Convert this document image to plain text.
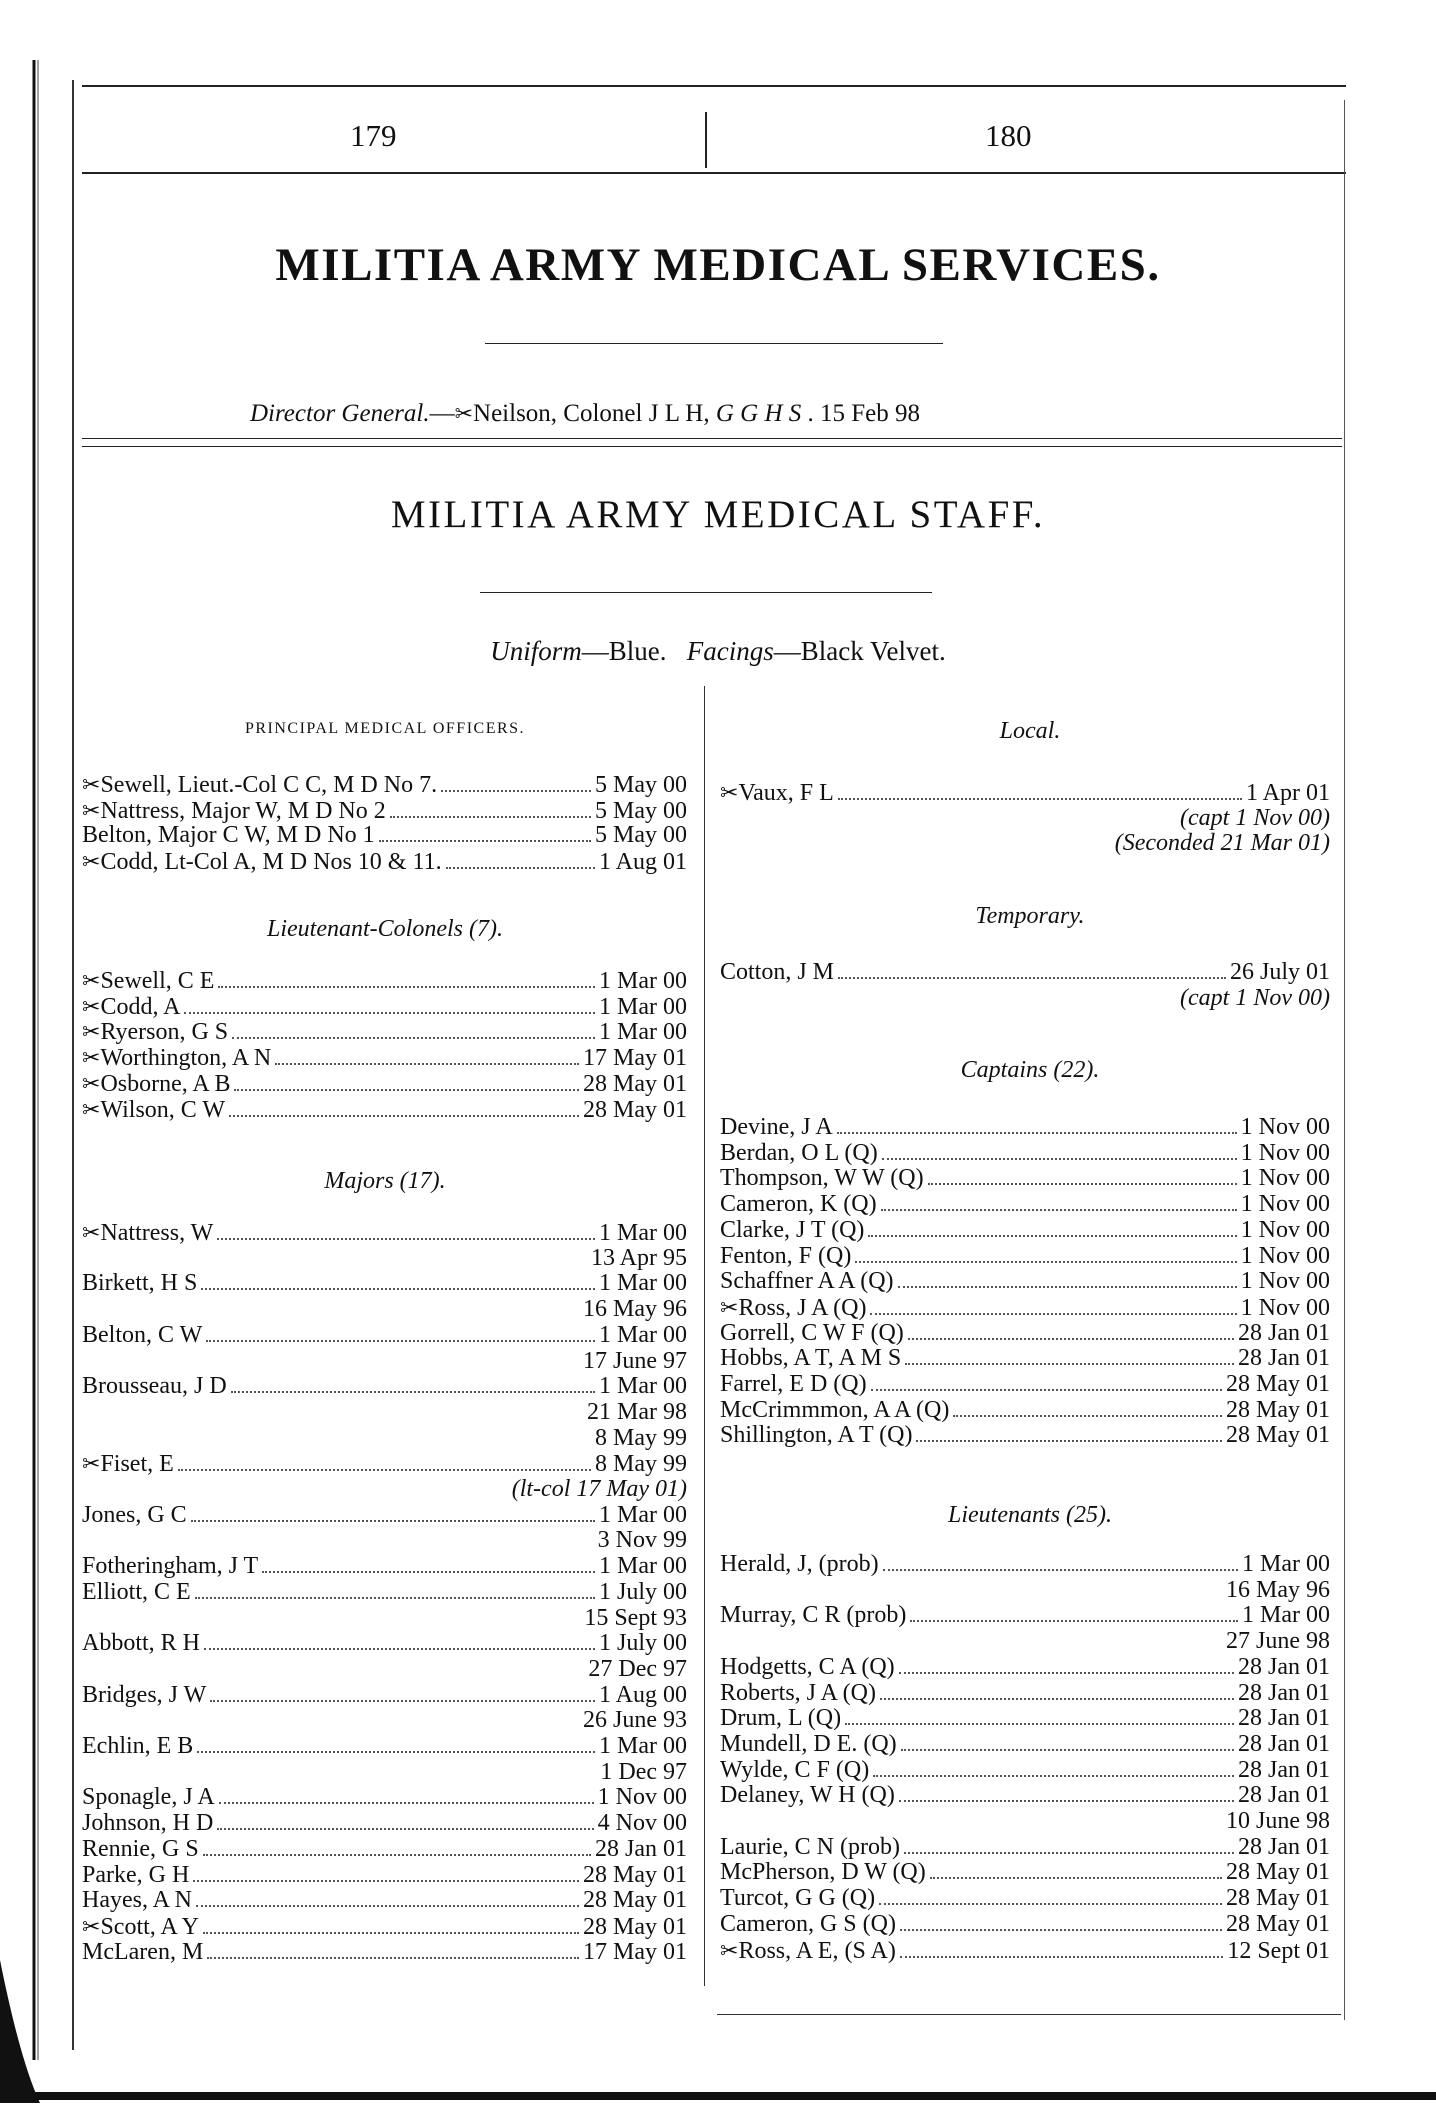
179	180
MILITIA ARMY MEDICAL SERVICES.
Director General.—✂Neilson, Colonel J L H, G G H S . 15 Feb 98
MILITIA ARMY MEDICAL STAFF.
Uniform—Blue. Facings—Black Velvet.
PRINCIPAL MEDICAL OFFICERS.
✂ Sewell, Lieut.-Col C C, M D No 7.	5 May 00
✂ Nattress, Major W, M D No 2	5 May 00
Belton, Major C W, M D No 1	5 May 00
✂ Codd, Lt-Col A, M D Nos 10 & 11.	1 Aug 01
Lieutenant-Colonels (7).
✂ Sewell, C E	1 Mar 00
✂ Codd, A	1 Mar 00
✂ Ryerson, G S	1 Mar 00
✂ Worthington, A N	17 May 01
✂ Osborne, A B	28 May 01
✂ Wilson, C W	28 May 01
Majors (17).
✂ Nattress, W	1 Mar 00
13 Apr 95
Birkett, H S	1 Mar 00
16 May 96
Belton, C W	1 Mar 00
17 June 97
Brousseau, J D	1 Mar 00
21 Mar 98
8 May 99
✂ Fiset, E	8 May 99
(lt-col 17 May 01)
Jones, G C	1 Mar 00
3 Nov 99
Fotheringham, J T	1 Mar 00
Elliott, C E	1 July 00
15 Sept 93
Abbott, R H	1 July 00
27 Dec 97
Bridges, J W	1 Aug 00
26 June 93
Echlin, E B	1 Mar 00
1 Dec 97
Sponagle, J A	1 Nov 00
Johnson, H D	4 Nov 00
Rennie, G S	28 Jan 01
Parke, G H	28 May 01
Hayes, A N	28 May 01
✂ Scott, A Y	28 May 01
McLaren, M	17 May 01
Local.
✂ Vaux, F L	1 Apr 01
(capt 1 Nov 00)
(Seconded 21 Mar 01)
Temporary.
Cotton, J M	26 July 01
(capt 1 Nov 00)
Captains (22).
Devine, J A	1 Nov 00
Berdan, O L (Q)	1 Nov 00
Thompson, W W (Q)	1 Nov 00
Cameron, K (Q)	1 Nov 00
Clarke, J T (Q)	1 Nov 00
Fenton, F (Q)	1 Nov 00
Schaffner A A (Q)	1 Nov 00
✂ Ross, J A (Q)	1 Nov 00
Gorrell, C W F (Q)	28 Jan 01
Hobbs, A T, A M S	28 Jan 01
Farrel, E D (Q)	28 May 01
McCrimmmon, A A (Q)	28 May 01
Shillington, A T (Q)	28 May 01
Lieutenants (25).
Herald, J, (prob)	1 Mar 00
16 May 96
Murray, C R (prob)	1 Mar 00
27 June 98
Hodgetts, C A (Q)	28 Jan 01
Roberts, J A (Q)	28 Jan 01
Drum, L (Q)	28 Jan 01
Mundell, D E. (Q)	28 Jan 01
Wylde, C F (Q)	28 Jan 01
Delaney, W H (Q)	28 Jan 01
10 June 98
Laurie, C N (prob)	28 Jan 01
McPherson, D W (Q)	28 May 01
Turcot, G G (Q)	28 May 01
Cameron, G S (Q)	28 May 01
✂ Ross, A E, (S A)	12 Sept 01
